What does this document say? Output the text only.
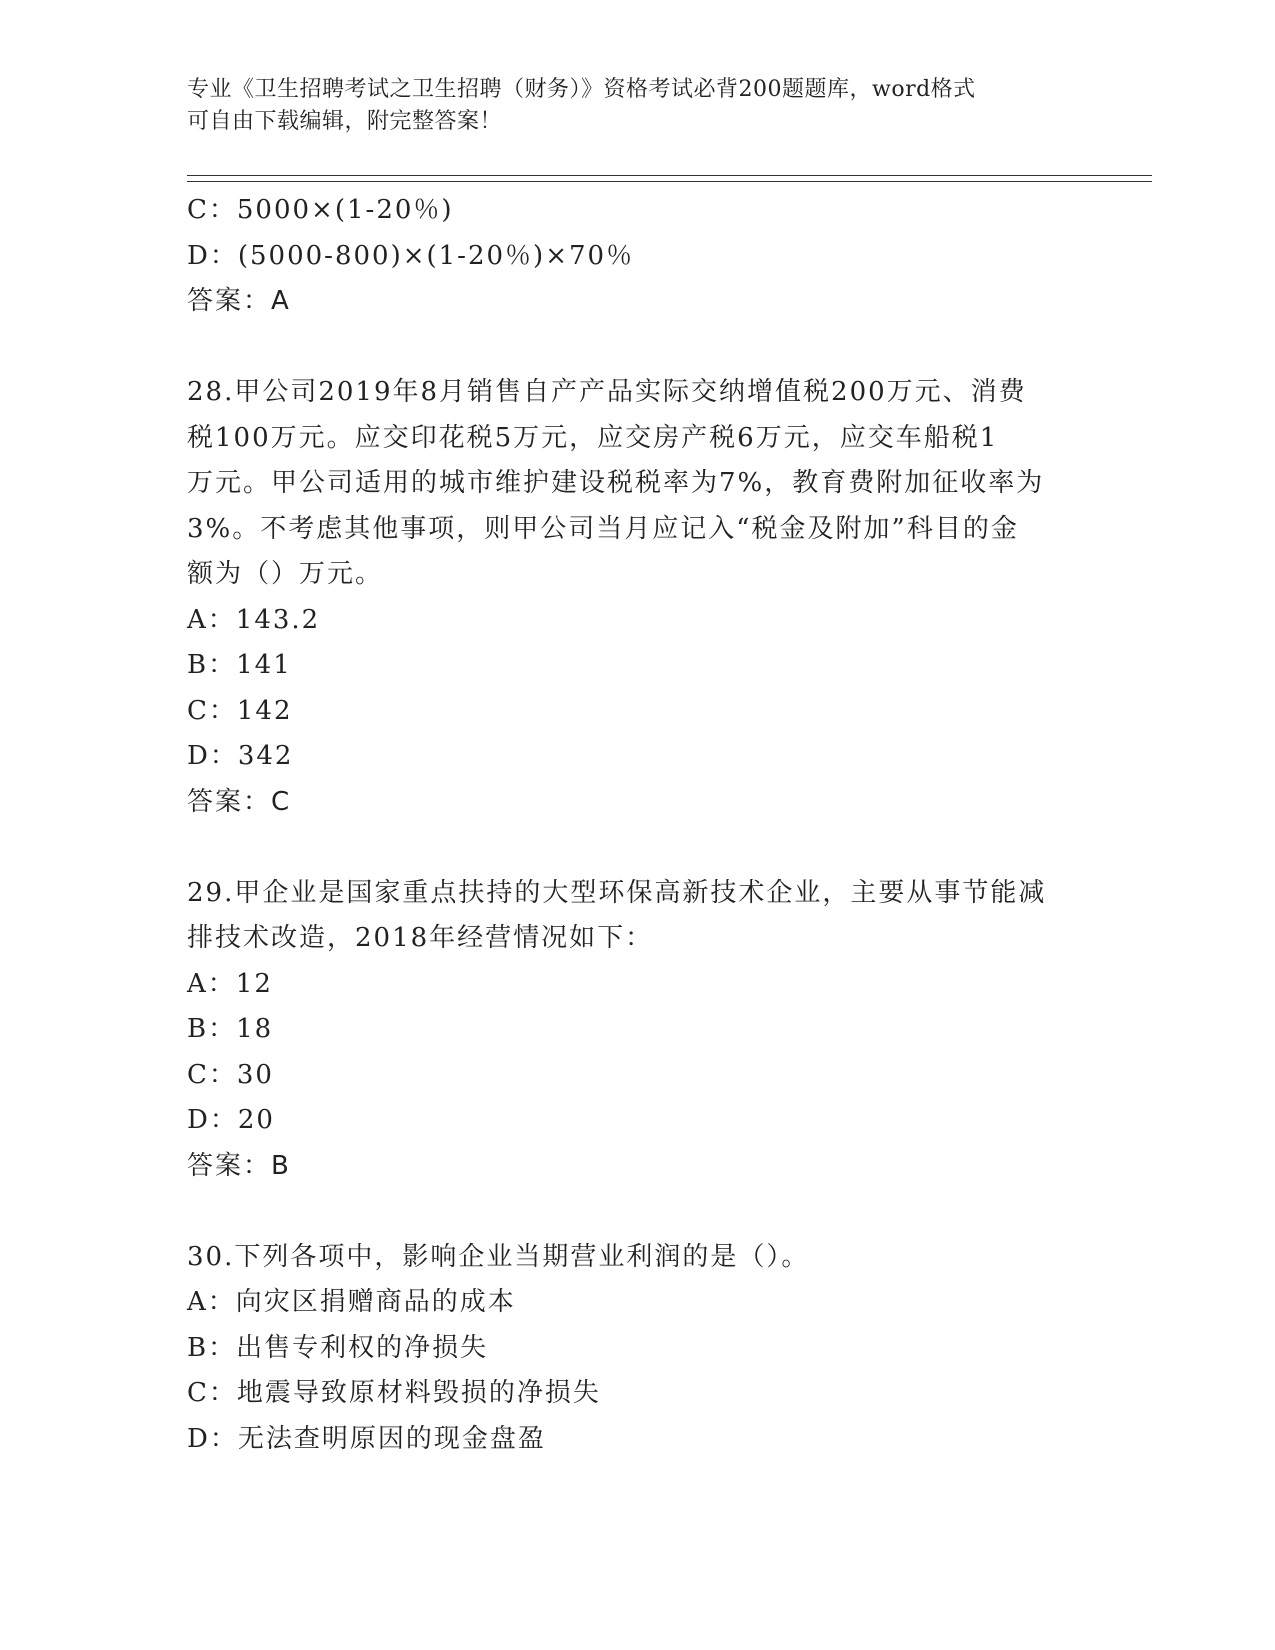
专业《卫生招聘考试之卫生招聘（财务）》资格考试必背200题题库，word格式
可自由下载编辑，附完整答案！
C：5000×(1-20％)
D：(5000-800)×(1-20％)×70％
答案：A
28.甲公司2019年8月销售自产产品实际交纳增值税200万元、消费
税100万元。应交印花税5万元，应交房产税6万元，应交车船税1
万元。甲公司适用的城市维护建设税税率为7%，教育费附加征收率为
3%。不考虑其他事项，则甲公司当月应记入“税金及附加”科目的金
额为（）万元。
A：143.2
B：141
C：142
D：342
答案：C
29.甲企业是国家重点扶持的大型环保高新技术企业，主要从事节能减
排技术改造，2018年经营情况如下：
A：12
B：18
C：30
D：20
答案：B
30.下列各项中，影响企业当期营业利润的是（）。
A：向灾区捐赠商品的成本
B：出售专利权的净损失
C：地震导致原材料毁损的净损失
D：无法查明原因的现金盘盈
